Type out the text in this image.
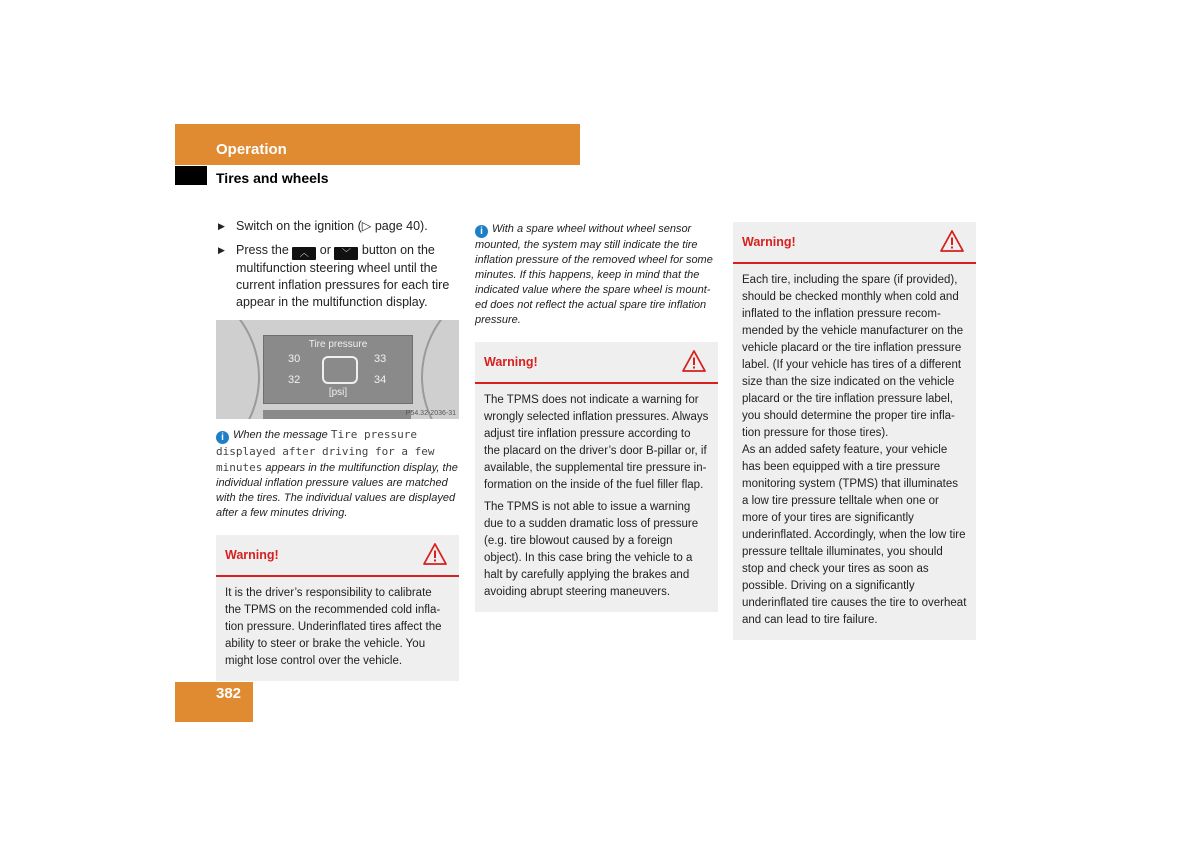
Operation
Tires and wheels
▶ Switch on the ignition (▷ page 40).
▶ Press the ︿ or ﹀ button on the multifunction steering wheel until the current inflation pressures for each tire appear in the multifunction display.
Tire pressure
30	33
32	34
[psi]
P54.32-2036-31
i When the message Tire pressure displayed after driving for a few minutes appears in the multifunction display, the individual inflation pressure values are matched with the tires. The individual values are displayed after a few minutes driving.
Warning!

It is the driver’s responsibility to calibrate the TPMS on the recommended cold inflation pressure. Underinflated tires affect the ability to steer or brake the vehicle. You might lose control over the vehicle.

i With a spare wheel without wheel sensor mounted, the system may still indicate the tire inflation pressure of the removed wheel for some minutes. If this happens, keep in mind that the indicated value where the spare wheel is mounted does not reflect the actual spare tire inflation pressure.
Warning!

The TPMS does not indicate a warning for wrongly selected inflation pressures. Always adjust tire inflation pressure according to the placard on the driver’s door B-pillar or, if available, the supplemental tire pressure information on the inside of the fuel filler flap.

The TPMS is not able to issue a warning due to a sudden dramatic loss of pressure (e.g. tire blowout caused by a foreign object). In this case bring the vehicle to a halt by carefully applying the brakes and avoiding abrupt steering maneuvers.

Warning!

Each tire, including the spare (if provided), should be checked monthly when cold and inflated to the inflation pressure recommended by the vehicle manufacturer on the vehicle placard or the tire inflation pressure label. (If your vehicle has tires of a different size than the size indicated on the vehicle placard or the tire inflation pressure label, you should determine the proper tire inflation pressure for those tires).

As an added safety feature, your vehicle has been equipped with a tire pressure monitoring system (TPMS) that illuminates a low tire pressure telltale when one or more of your tires are significantly underinflated. Accordingly, when the low tire pressure telltale illuminates, you should stop and check your tires as soon as possible. Driving on a significantly underinflated tire causes the tire to overheat and can lead to tire failure.

382
